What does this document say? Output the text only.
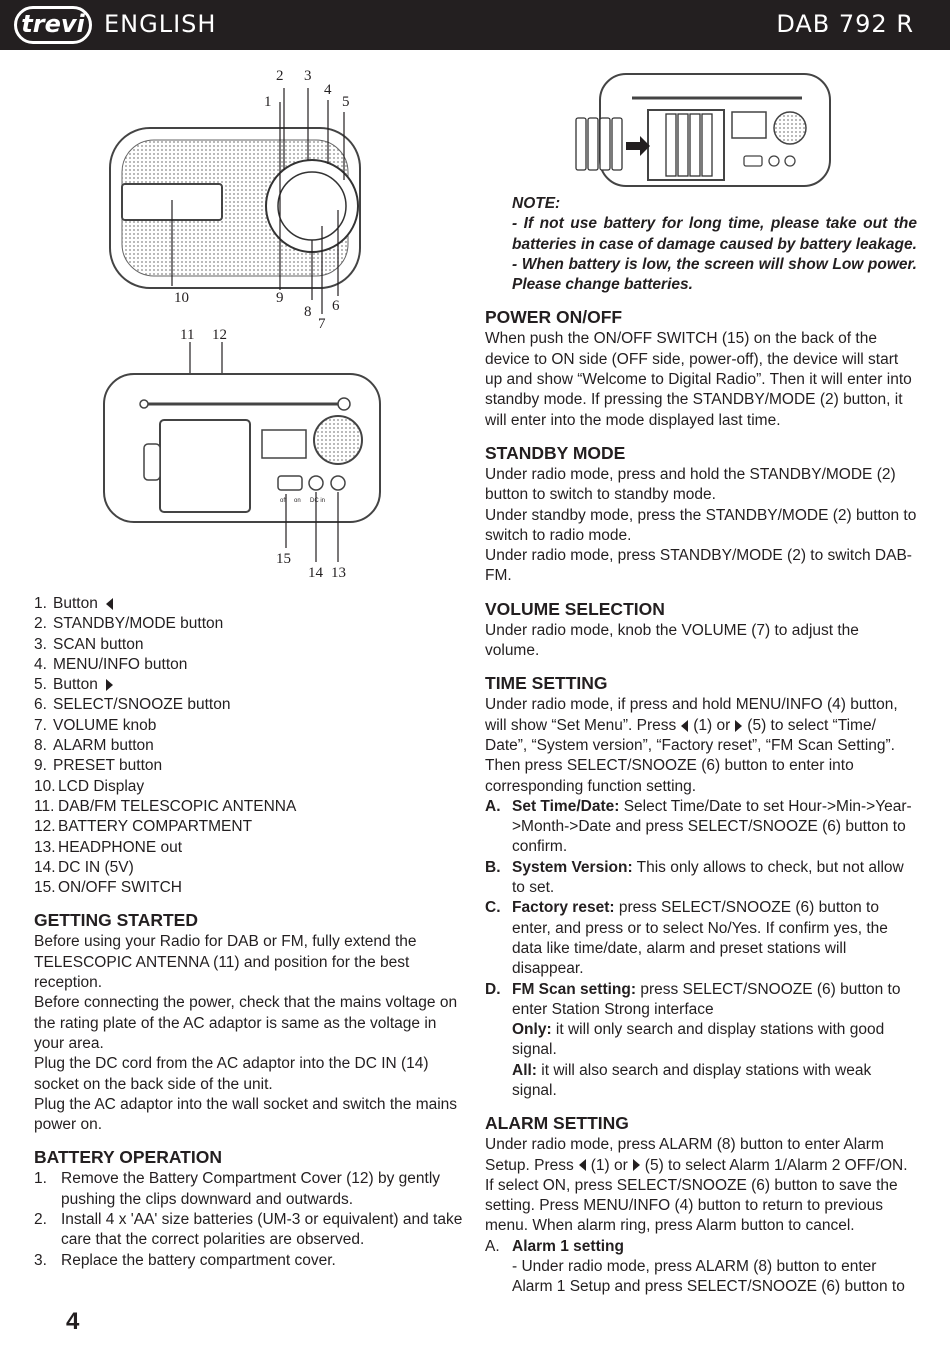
trevi ENGLISH	DAB 792 R
2 3
4
1	5
6
7
8
9
10
11 12
off on DC in
15
14 13
1. Button
2. STANDBY/MODE button
3. SCAN button
4. MENU/INFO button
5. Button
6. SELECT/SNOOZE button
7. VOLUME knob
8. ALARM button
9. PRESET button
10. LCD Display
11. DAB/FM TELESCOPIC ANTENNA
12. BATTERY COMPARTMENT
13. HEADPHONE out
14. DC IN (5V)
15. ON/OFF SWITCH
GETTING STARTED

Before using your Radio for DAB or FM, fully extend the TELESCOPIC ANTENNA (11) and position for the best reception.

Before connecting the power, check that the mains voltage on the rating plate of the AC adaptor is same as the voltage in your area.

Plug the DC cord from the AC adaptor into the DC IN (14) socket on the back side of the unit.

Plug the AC adaptor into the wall socket and switch the mains power on.

BATTERY OPERATION
1. Remove the Battery Compartment Cover (12) by gently pushing the clips downward and outwards.
2. Install 4 x 'AA' size batteries (UM-3 or equivalent) and take care that the correct polarities are observed.
3. Replace the battery compartment cover.

NOTE:

- If not use battery for long time, please take out the batteries in case of damage caused by battery leakage.

- When battery is low, the screen will show Low power. Please change batteries.

POWER ON/OFF

When push the ON/OFF SWITCH (15) on the back of the device to ON side (OFF side, power-off), the device will start up and show “Welcome to Digital Radio”. Then it will enter into standby mode. If pressing the STANDBY/MODE (2) button, it will enter into the mode displayed last time.

STANDBY MODE

Under radio mode, press and hold the STANDBY/MODE (2) button to switch to standby mode.

Under standby mode, press the STANDBY/MODE (2) button to switch to radio mode.

Under radio mode, press STANDBY/MODE (2) to switch DAB-FM.

VOLUME SELECTION

Under radio mode, knob the VOLUME (7) to adjust the volume.

TIME SETTING

Under radio mode, if press and hold MENU/INFO (4) button, will show “Set Menu”. Press (1) or (5) to select “Time/ Date”, “System version”, “Factory reset”, “FM Scan Setting”. Then press SELECT/SNOOZE (6) button to enter into corresponding function setting.

A. Set Time/Date: Select Time/Date to set Hour->Min->Year->Month->Date and press SELECT/SNOOZE (6) button to confirm.
B. System Version: This only allows to check, but not allow to set.
C. Factory reset: press SELECT/SNOOZE (6) button to enter, and press or to select No/Yes. If confirm yes, the data like time/date, alarm and preset stations will disappear.
D. FM Scan setting: press SELECT/SNOOZE (6) button to enter Station Strong interface
Only: it will only search and display stations with good signal.
All: it will also search and display stations with weak signal.
ALARM SETTING

Under radio mode, press ALARM (8) button to enter Alarm Setup. Press (1) or (5) to select Alarm 1/Alarm 2 OFF/ON. If select ON, press SELECT/SNOOZE (6) button to save the setting. Press MENU/INFO (4) button to return to previous menu. When alarm ring, press Alarm button to cancel.

A. Alarm 1 setting
- Under radio mode, press ALARM (8) button to enter Alarm 1 Setup and press SELECT/SNOOZE (6) button to
4
